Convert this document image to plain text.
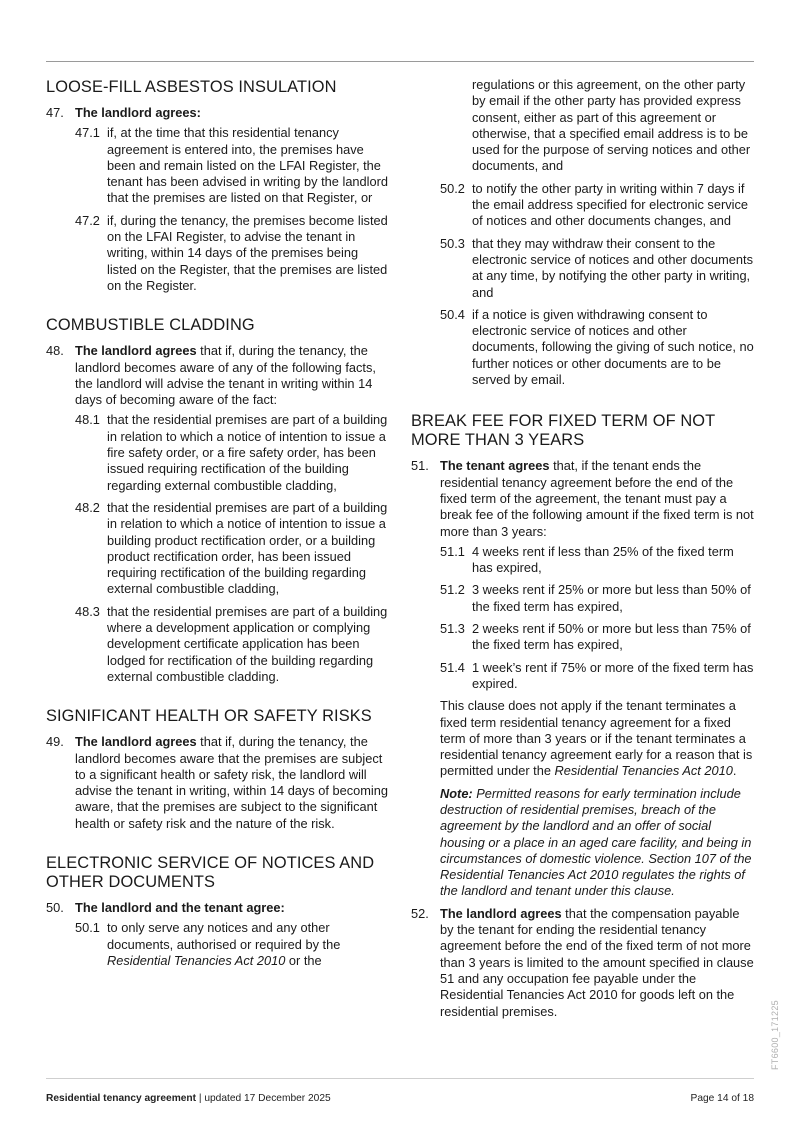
LOOSE-FILL ASBESTOS INSULATION
47. The landlord agrees:
47.1 if, at the time that this residential tenancy agreement is entered into, the premises have been and remain listed on the LFAI Register, the tenant has been advised in writing by the landlord that the premises are listed on that Register, or
47.2 if, during the tenancy, the premises become listed on the LFAI Register, to advise the tenant in writing, within 14 days of the premises being listed on the Register, that the premises are listed on the Register.
COMBUSTIBLE CLADDING
48. The landlord agrees that if, during the tenancy, the landlord becomes aware of any of the following facts, the landlord will advise the tenant in writing within 14 days of becoming aware of the fact:
48.1 that the residential premises are part of a building in relation to which a notice of intention to issue a fire safety order, or a fire safety order, has been issued requiring rectification of the building regarding external combustible cladding,
48.2 that the residential premises are part of a building in relation to which a notice of intention to issue a building product rectification order, or a building product rectification order, has been issued requiring rectification of the building regarding external combustible cladding,
48.3 that the residential premises are part of a building where a development application or complying development certificate application has been lodged for rectification of the building regarding external combustible cladding.
SIGNIFICANT HEALTH OR SAFETY RISKS
49. The landlord agrees that if, during the tenancy, the landlord becomes aware that the premises are subject to a significant health or safety risk, the landlord will advise the tenant in writing, within 14 days of becoming aware, that the premises are subject to the significant health or safety risk and the nature of the risk.
ELECTRONIC SERVICE OF NOTICES AND OTHER DOCUMENTS
50. The landlord and the tenant agree:
50.1 to only serve any notices and any other documents, authorised or required by the Residential Tenancies Act 2010 or the
regulations or this agreement, on the other party by email if the other party has provided express consent, either as part of this agreement or otherwise, that a specified email address is to be used for the purpose of serving notices and other documents, and
50.2 to notify the other party in writing within 7 days if the email address specified for electronic service of notices and other documents changes, and
50.3 that they may withdraw their consent to the electronic service of notices and other documents at any time, by notifying the other party in writing, and
50.4 if a notice is given withdrawing consent to electronic service of notices and other documents, following the giving of such notice, no further notices or other documents are to be served by email.
BREAK FEE FOR FIXED TERM OF NOT MORE THAN 3 YEARS
51. The tenant agrees that, if the tenant ends the residential tenancy agreement before the end of the fixed term of the agreement, the tenant must pay a break fee of the following amount if the fixed term is not more than 3 years:
51.1 4 weeks rent if less than 25% of the fixed term has expired,
51.2 3 weeks rent if 25% or more but less than 50% of the fixed term has expired,
51.3 2 weeks rent if 50% or more but less than 75% of the fixed term has expired,
51.4 1 week’s rent if 75% or more of the fixed term has expired.
This clause does not apply if the tenant terminates a fixed term residential tenancy agreement for a fixed term of more than 3 years or if the tenant terminates a residential tenancy agreement early for a reason that is permitted under the Residential Tenancies Act 2010.
Note: Permitted reasons for early termination include destruction of residential premises, breach of the agreement by the landlord and an offer of social housing or a place in an aged care facility, and being in circumstances of domestic violence. Section 107 of the Residential Tenancies Act 2010 regulates the rights of the landlord and tenant under this clause.
52. The landlord agrees that the compensation payable by the tenant for ending the residential tenancy agreement before the end of the fixed term of not more than 3 years is limited to the amount specified in clause 51 and any occupation fee payable under the Residential Tenancies Act 2010 for goods left on the residential premises.
Residential tenancy agreement | updated 17 December 2025	Page 14 of 18
FT6600_171225
